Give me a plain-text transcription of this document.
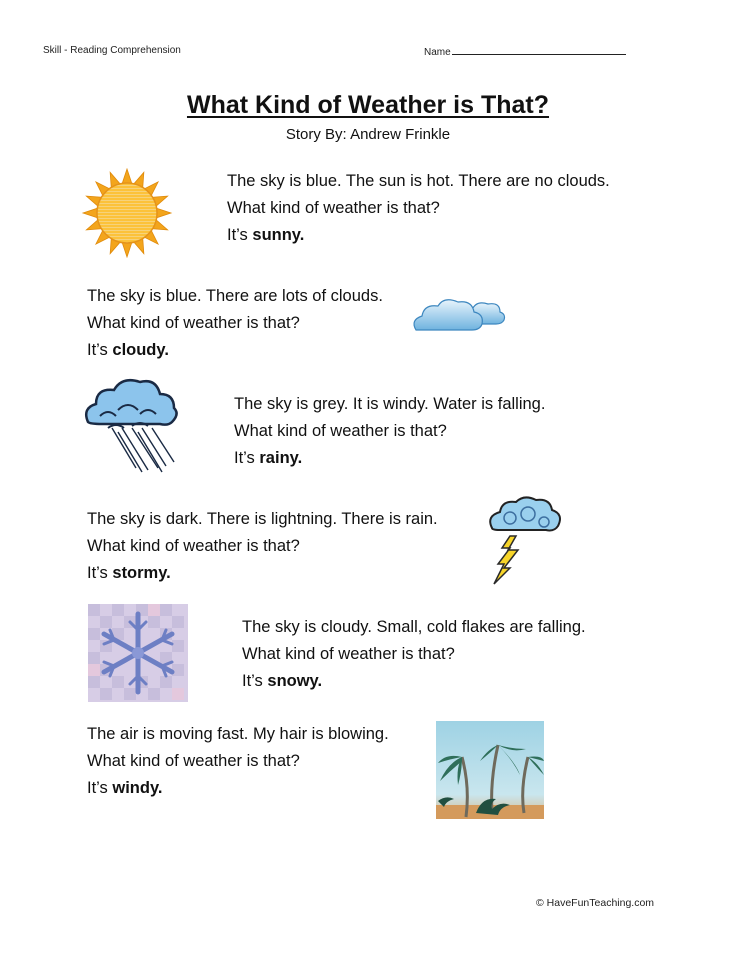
Skill - Reading Comprehension	Name
What Kind of Weather is That?
Story By: Andrew Frinkle
The sky is blue. The sun is hot. There are no clouds.
What kind of weather is that?
It’s sunny.
The sky is blue. There are lots of clouds.
What kind of weather is that?
It’s cloudy.
The sky is grey. It is windy. Water is falling.
What kind of weather is that?
It’s rainy.
The sky is dark. There is lightning. There is rain.
What kind of weather is that?
It’s stormy.
The sky is cloudy. Small, cold flakes are falling.
What kind of weather is that?
It’s snowy.
The air is moving fast. My hair is blowing.
What kind of weather is that?
It’s windy.
© HaveFunTeaching.com
